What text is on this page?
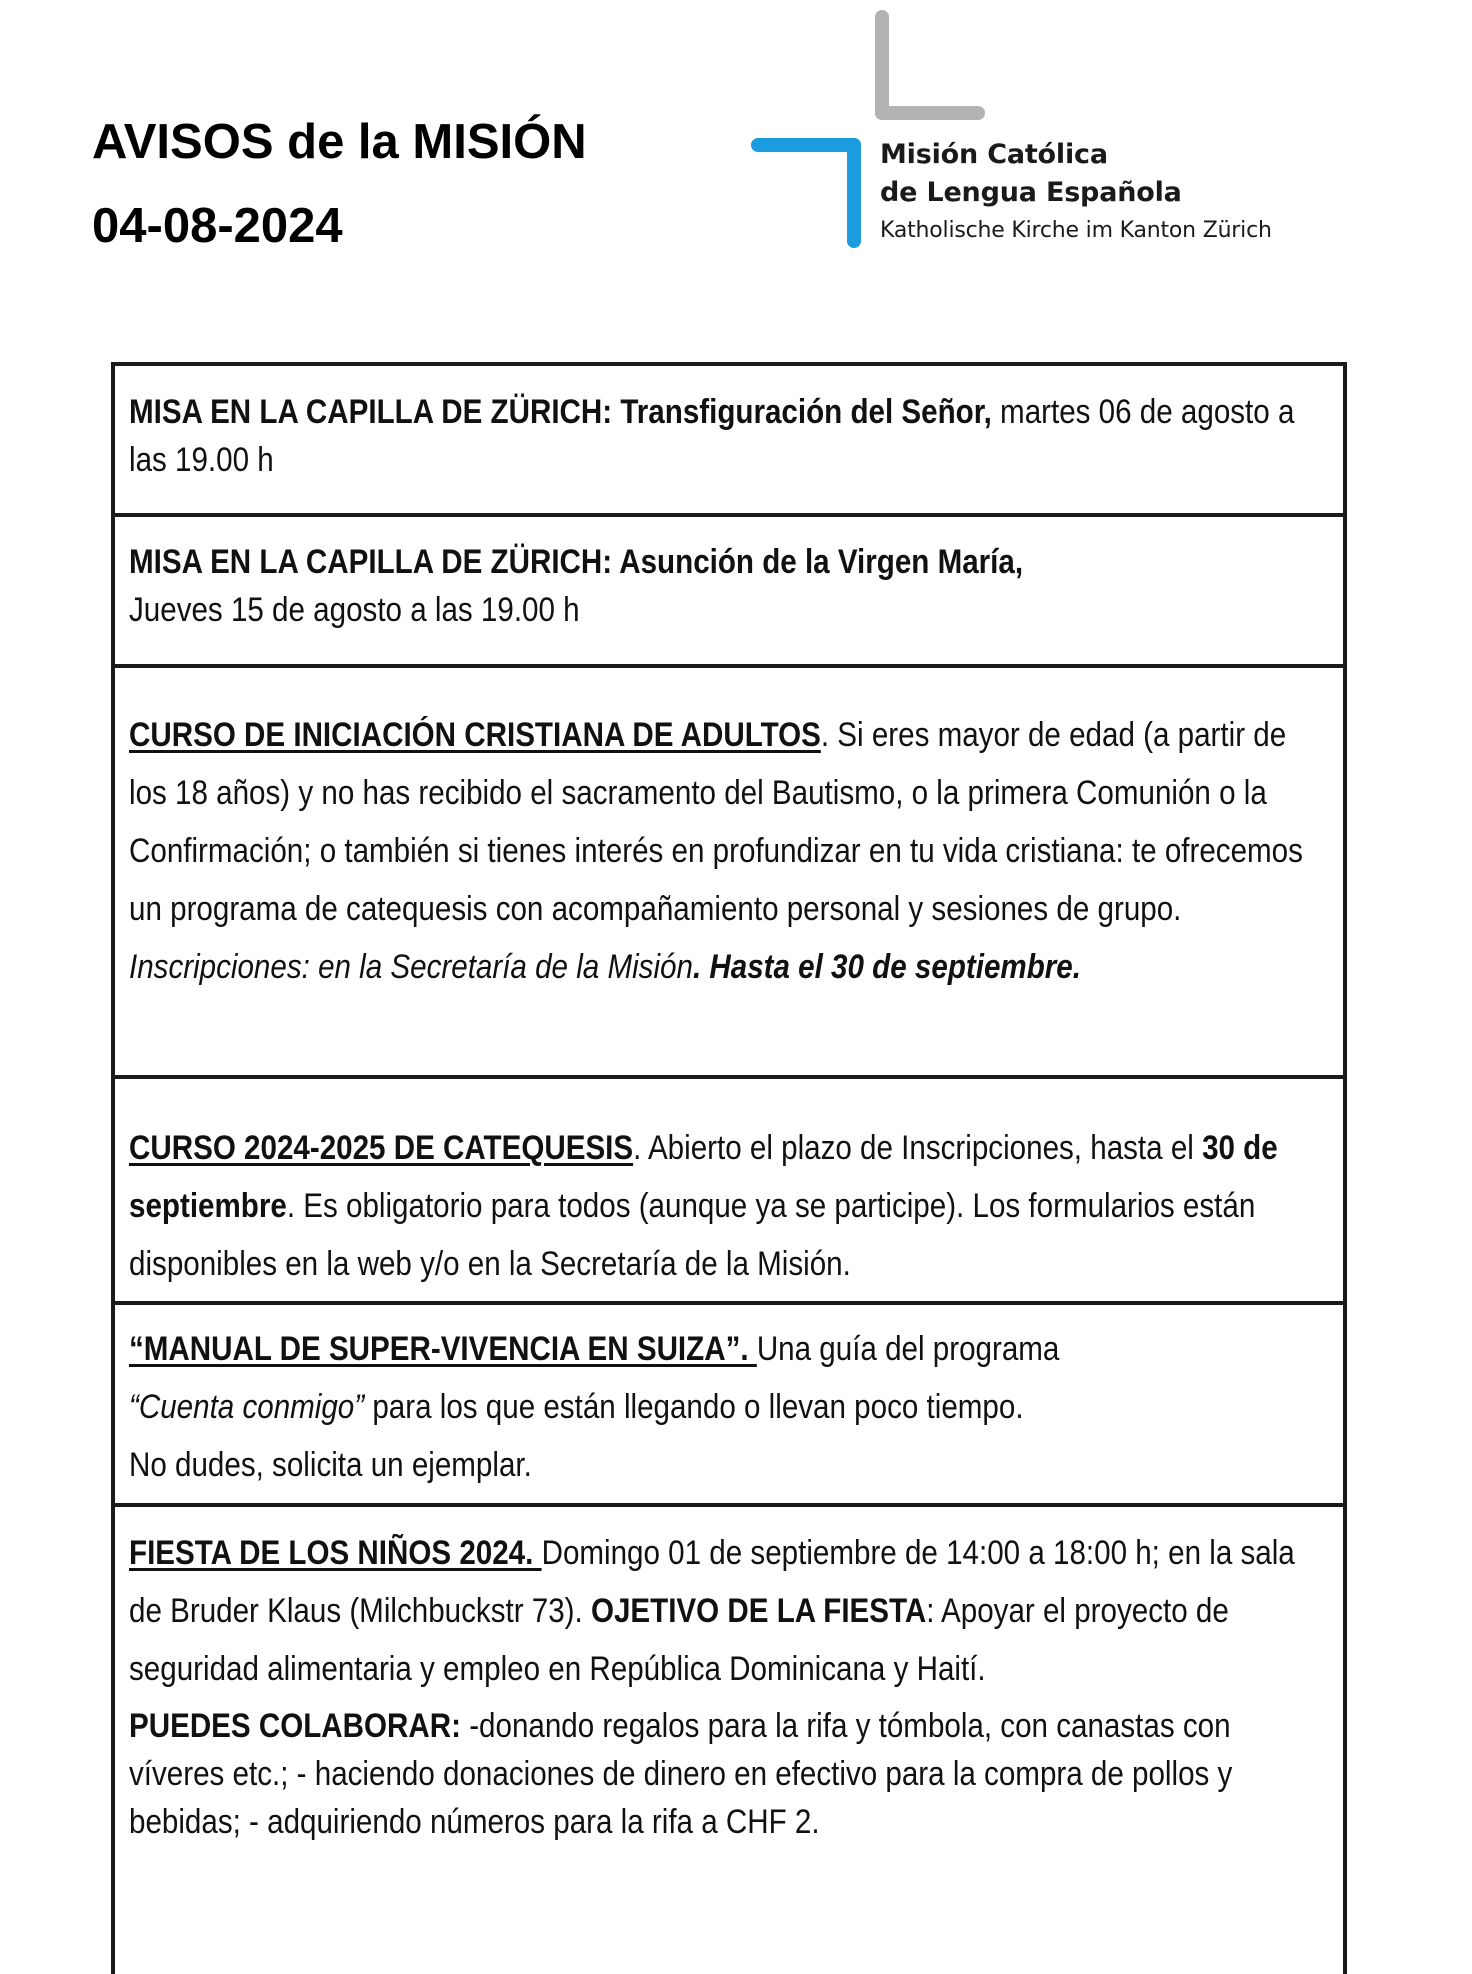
AVISOS de la MISIÓN
04-08-2024
Misión Católica
de Lengua Española
Katholische Kirche im Kanton Zürich

MISA EN LA CAPILLA DE ZÜRICH: Transfiguración del Señor, martes 06 de agosto a las 19.00 h

MISA EN LA CAPILLA DE ZÜRICH: Asunción de la Virgen María,
Jueves 15 de agosto a las 19.00 h

CURSO DE INICIACIÓN CRISTIANA DE ADULTOS. Si eres mayor de edad (a partir de los 18 años) y no has recibido el sacramento del Bautismo, o la primera Comunión o la Confirmación; o también si tienes interés en profundizar en tu vida cristiana: te ofrecemos un programa de catequesis con acompañamiento personal y sesiones de grupo. Inscripciones: en la Secretaría de la Misión. Hasta el 30 de septiembre.

CURSO 2024-2025 DE CATEQUESIS. Abierto el plazo de Inscripciones, hasta el 30 de septiembre. Es obligatorio para todos (aunque ya se participe). Los formularios están disponibles en la web y/o en la Secretaría de la Misión.

“MANUAL DE SUPER-VIVENCIA EN SUIZA”. Una guía del programa
“Cuenta conmigo” para los que están llegando o llevan poco tiempo.
No dudes, solicita un ejemplar.

FIESTA DE LOS NIÑOS 2024. Domingo 01 de septiembre de 14:00 a 18:00 h; en la sala de Bruder Klaus (Milchbuckstr 73). OJETIVO DE LA FIESTA: Apoyar el proyecto de seguridad alimentaria y empleo en República Dominicana y Haití.

PUEDES COLABORAR: -donando regalos para la rifa y tómbola, con canastas con víveres etc.; - haciendo donaciones de dinero en efectivo para la compra de pollos y bebidas; - adquiriendo números para la rifa a CHF 2.
